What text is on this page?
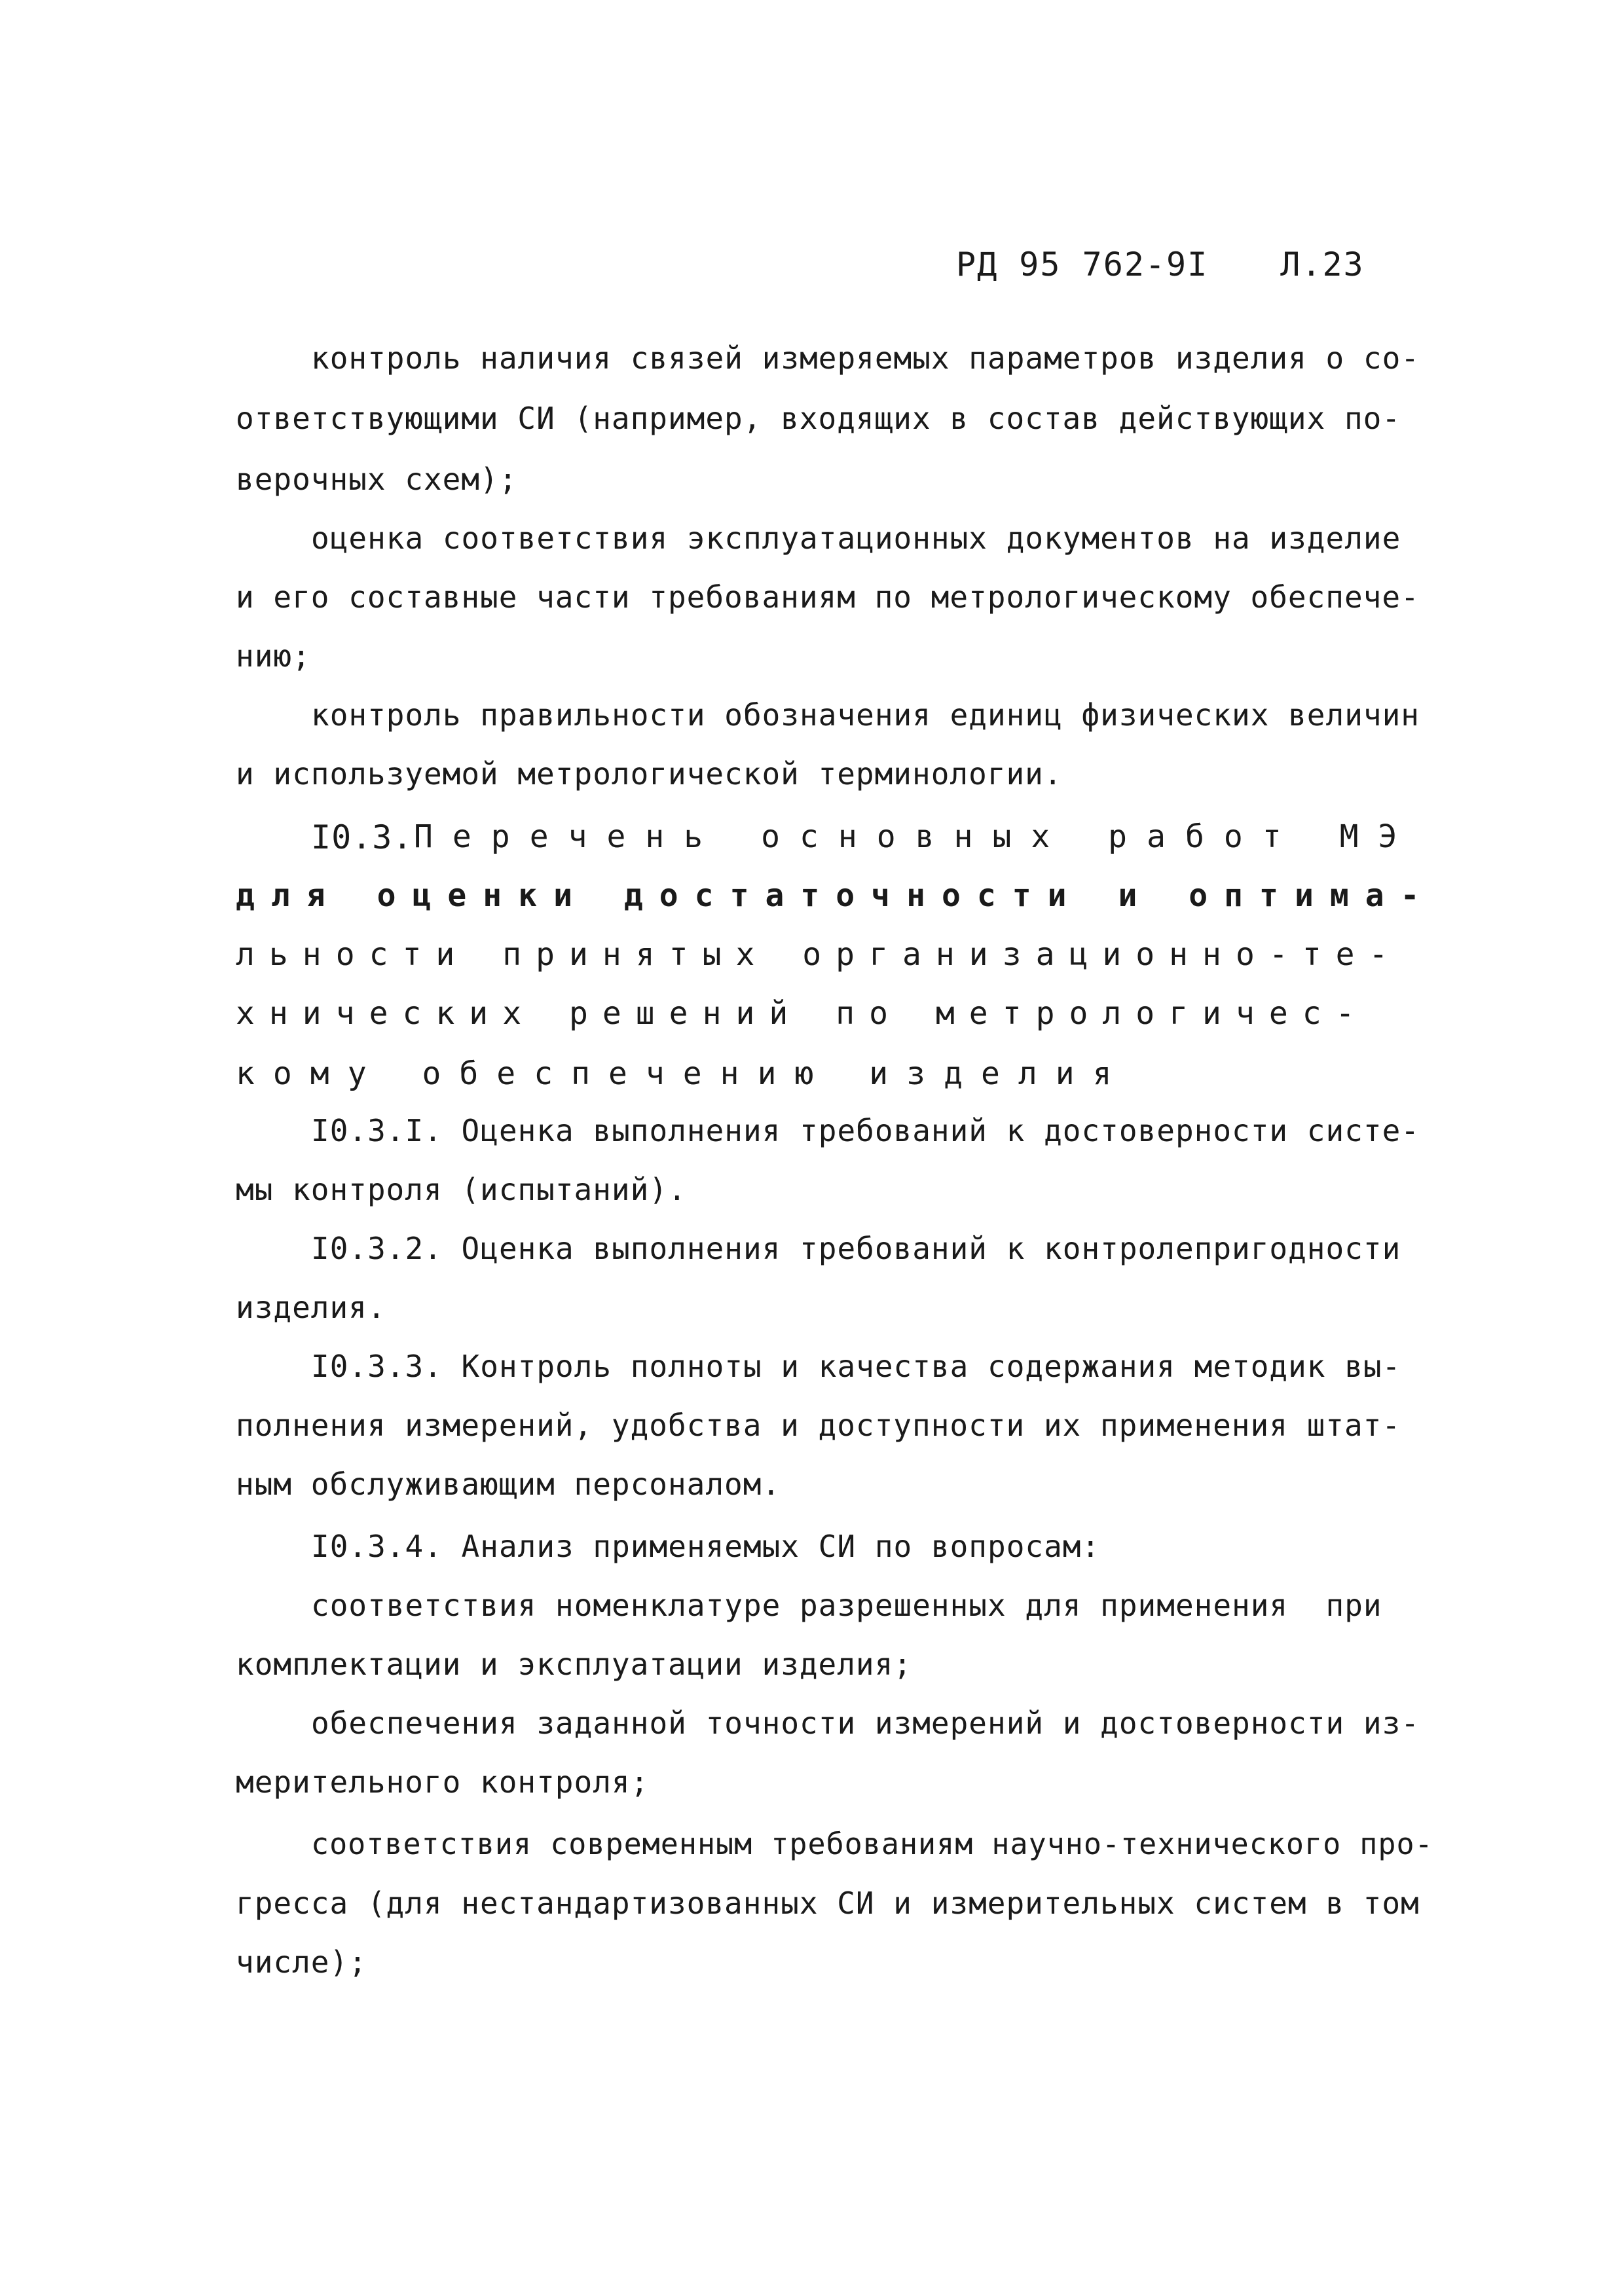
РД 95 762-9I Л.23
контроль наличия связей измеряемых параметров изделия о со-
ответствующими СИ (например, входящих в состав действующих по-
верочных схем);
оценка соответствия эксплуатационных документов на изделие
и его составные части требованиям по метрологическому обеспече-
нию;
контроль правильности обозначения единиц физических величин
и используемой метрологической терминологии.
I0.3. Перечень основных работ МЭ
для оценки достаточности и оптима-
льности принятых организационно-те-
хнических решений по метрологичес-
кому обеспечению изделия
I0.3.I. Оценка выполнения требований к достоверности систе-
мы контроля (испытаний).
I0.3.2. Оценка выполнения требований к контролепригодности
изделия.
I0.3.3. Контроль полноты и качества содержания методик вы-
полнения измерений, удобства и доступности их применения штат-
ным обслуживающим персоналом.
I0.3.4. Анализ применяемых СИ по вопросам:
соответствия номенклатуре разрешенных для применения  при
комплектации и эксплуатации изделия;
обеспечения заданной точности измерений и достоверности из-
мерительного контроля;
соответствия современным требованиям научно-технического про-
гресса (для нестандартизованных СИ и измерительных систем в том
числе);
